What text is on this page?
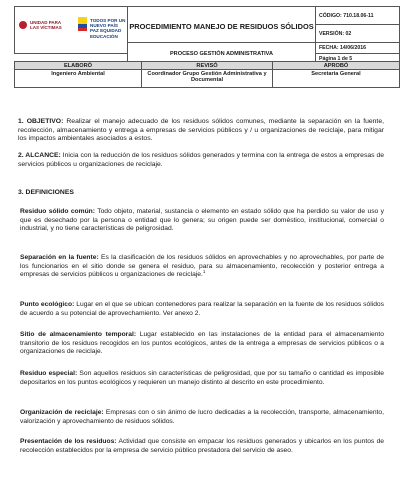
UNIDAD PARA LAS VÍCTIMAS
TODOS POR UN NUEVO PAÍS PAZ EQUIDAD EDUCACIÓN	PROCEDIMIENTO MANEJO DE RESIDUOS SÓLIDOS	CÓDIGO: 710.18.06-11
		VERSIÓN: 02
	PROCESO GESTIÓN ADMINISTRATIVA	FECHA: 14/06/2016
		Página 1 de 5
ELABORÓ	REVISÓ	APROBÓ
Ingeniero Ambiental	Coordinador Grupo Gestión Administrativa y Documental	Secretaria General

1. OBJETIVO: Realizar el manejo adecuado de los residuos sólidos comunes, mediante la separación en la fuente, recolección, almacenamiento y entrega a empresas de servicios públicos y / u organizaciones de reciclaje, para mitigar los impactos ambientales asociados a estos.

2. ALCANCE: Inicia con la reducción de los residuos sólidos generados y termina con la entrega de estos a empresas de servicios públicos u organizaciones de reciclaje.

3. DEFINICIONES

Residuo sólido común: Todo objeto, material, sustancia o elemento en estado sólido que ha perdido su valor de uso y que es desechado por la persona o entidad que lo genera; su origen puede ser doméstico, institucional, comercial o industrial, y no tiene características de peligrosidad.

Separación en la fuente: Es la clasificación de los residuos sólidos en aprovechables y no aprovechables, por parte de los funcionarios en el sitio donde se genera el residuo, para su almacenamiento, recolección y posterior entrega a empresas de servicios públicos u organizaciones de reciclaje.$^1$

Punto ecológico: Lugar en el que se ubican contenedores para realizar la separación en la fuente de los residuos sólidos de acuerdo a su potencial de aprovechamiento. Ver anexo 2.

Sitio de almacenamiento temporal: Lugar establecido en las instalaciones de la entidad para el almacenamiento transitorio de los residuos recogidos en los puntos ecológicos, antes de la entrega a empresas de servicios públicos o a organizaciones de reciclaje.

Residuo especial: Son aquellos residuos sin características de peligrosidad, que por su tamaño o cantidad es imposible depositarlos en los puntos ecológicos y requieren un manejo distinto al descrito en este procedimiento.

Organización de reciclaje: Empresas con o sin ánimo de lucro dedicadas a la recolección, transporte, almacenamiento, valorización y aprovechamiento de residuos sólidos.

Presentación de los residuos: Actividad que consiste en empacar los residuos generados y ubicarlos en los puntos de recolección establecidos por la empresa de servicio público prestadora del servicio de aseo.
